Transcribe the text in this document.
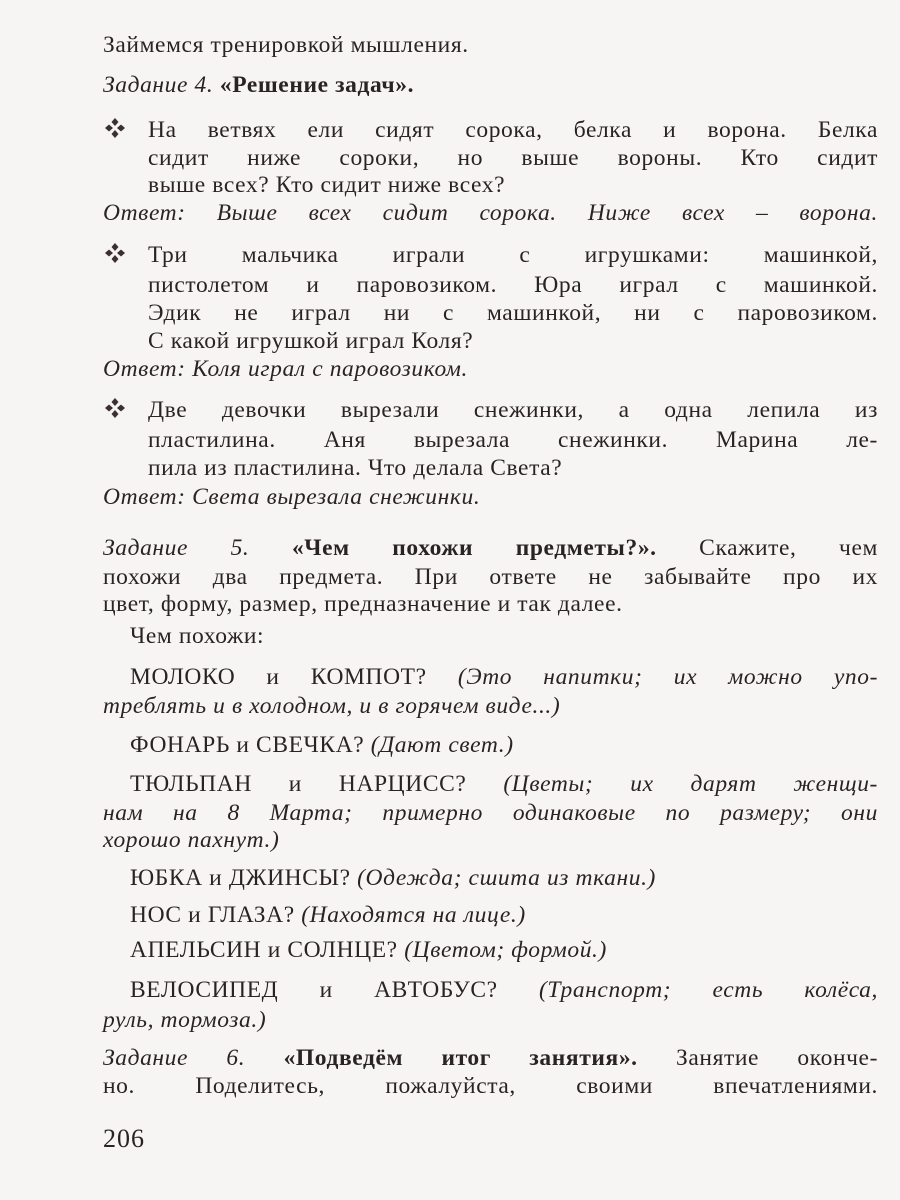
Займемся тренировкой мышления.
Задание 4. «Решение задач».
На ветвях ели сидят сорока, белка и ворона. Белка
сидит ниже сороки, но выше вороны. Кто сидит
выше всех? Кто сидит ниже всех?
Ответ: Выше всех сидит сорока. Ниже всех – ворона.
Три мальчика играли с игрушками: машинкой,
пистолетом и паровозиком. Юра играл с машинкой.
Эдик не играл ни с машинкой, ни с паровозиком.
С какой игрушкой играл Коля?
Ответ: Коля играл с паровозиком.
Две девочки вырезали снежинки, а одна лепила из
пластилина. Аня вырезала снежинки. Марина ле-
пила из пластилина. Что делала Света?
Ответ: Света вырезала снежинки.
Задание 5. «Чем похожи предметы?». Скажите, чем
похожи два предмета. При ответе не забывайте про их
цвет, форму, размер, предназначение и так далее.
Чем похожи:
МОЛОКО и КОМПОТ? (Это напитки; их можно упо-
треблять и в холодном, и в горячем виде...)
ФОНАРЬ и СВЕЧКА? (Дают свет.)
ТЮЛЬПАН и НАРЦИСС? (Цветы; их дарят женщи-
нам на 8 Марта; примерно одинаковые по размеру; они
хорошо пахнут.)
ЮБКА и ДЖИНСЫ? (Одежда; сшита из ткани.)
НОС и ГЛАЗА? (Находятся на лице.)
АПЕЛЬСИН и СОЛНЦЕ? (Цветом; формой.)
ВЕЛОСИПЕД и АВТОБУС? (Транспорт; есть колёса,
руль, тормоза.)
Задание 6. «Подведём итог занятия». Занятие оконче-
но. Поделитесь, пожалуйста, своими впечатлениями.
206
